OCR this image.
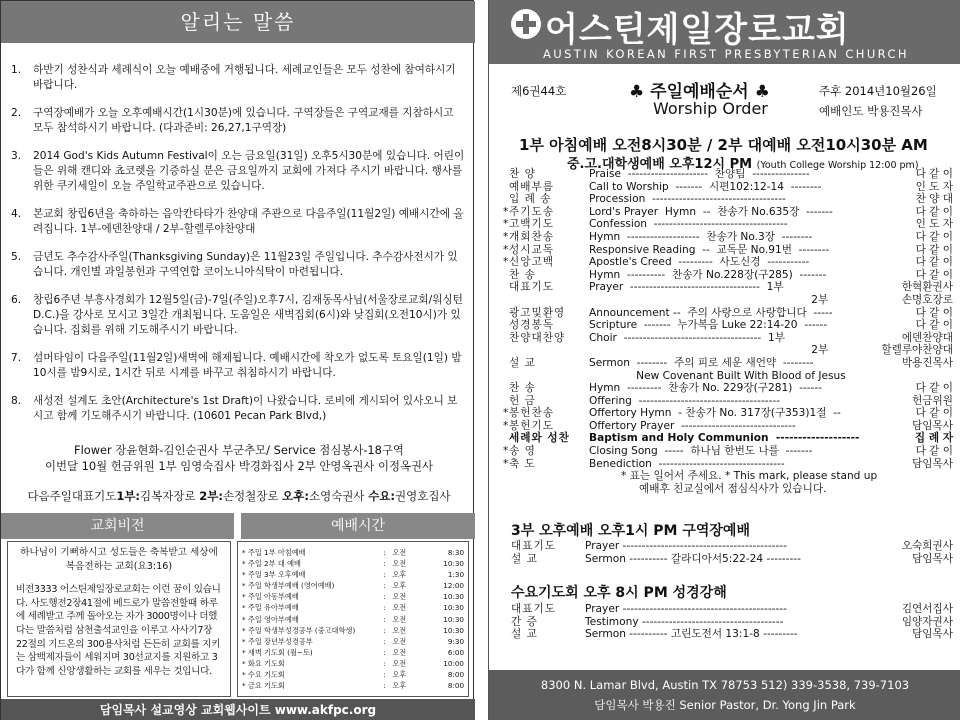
알리는 말씀
1. 하반기 성찬식과 세례식이 오늘 예배중에 거행됩니다. 세례교인들은 모두 성찬에 참여하시기 바랍니다.
2. 구역장예배가 오늘 오후예배시간(1시30분)에 있습니다. 구역장들은 구역교재를 지참하시고 모두 참석하시기 바랍니다. (다과준비: 26,27,1구역장)
3. 2014 God's Kids Autumn Festival이 오는 금요일(31일) 오후5시30분에 있습니다. 어린이들은 위해 캔디와 쵸코렛을 기증하실 분은 금요일까지 교회에 가져다 주시기 바랍니다. 행사를 위한 쿠키세일이 오늘 주일학교주관으로 있습니다.
4. 본교회 창립6년을 축하하는 음악칸타타가 찬양대 주관으로 다음주일(11월2일) 예배시간에 올려집니다. 1부-에덴찬양대 / 2부-할렐루야찬양대
5. 금년도 추수감사주일(Thanksgiving Sunday)은 11월23일 주일입니다. 추수감사전시가 있습니다. 개인별 과일봉헌과 구역연합 코이노니아식탁이 마련됩니다.
6. 창립6주년 부흥사경회가 12월5일(금)-7일(주일)오후7시, 김재동목사님(서울장로교회/워싱턴D.C.)을 강사로 모시고 3일간 개최됩니다. 도움일은 새벽집회(6시)와 낮집회(오전10시)가 있습니다. 집회를 위해 기도해주시기 바랍니다.
7. 섬머타임이 다음주일(11월2일)새벽에 해제됩니다. 예배시간에 착오가 없도록 토요일(1일) 밤10시를 밤9시로, 1시간 뒤로 시계를 바꾸고 취침하시기 바랍니다.
8. 새성전 설계도 초안(Architecture's 1st Draft)이 나왔습니다. 로비에 게시되어 있사오니 보시고 함께 기도해주시기 바랍니다. (10601 Pecan Park Blvd,)
Flower 장윤현화-김인순권사 부군추모/ Service 점심봉사-18구역
이번달 10월 헌금위원 1부 임영숙집사 박경화집사 2부 안영옥권사 이정옥권사
다음주일대표기도1부:김복자장로 2부:손정철장로 오후:소영숙권사 수요:권영호집사
교회비전	예배시간
하나님이 기뻐하시고 성도들은 축복받고 세상에 복음전하는 교회(요3:16)
비전3333 어스틴제일장로교회는 이런 꿈이 있습니다. 사도행전2장41절에 베드로가 말씀전할때 하루에 세례받고 주께 돌아오는 자가 3000명이나 더했다는 말씀처럼 삼천출석교인을 이루고 사사기7장22절의 기드온의 300용사처럼 든든히 교회를 지키는 삼백제자들이 세워지며 30선교지를 지원하고 3다가 함께 신앙생활하는 교회를 세우는 것입니다.
* 주일 1부 아침예배	: 오전	8:30
* 주일 2부 대 예배	: 오전	10:30
* 주일 3부 오후예배	: 오후	1:30
* 주일 학생부예배 (영어예배)	: 오후	12:00
* 주일 아동부예배	: 오전	10:30
* 주일 유아부예배	: 오전	10:30
* 주일 영아부예배	: 오전	10:30
* 주일 학생부성경공부 (중고대학생)	: 오전	10:30
* 주일 장년부성경공부	: 오전	9:30
* 새벽 기도회 (월~토)	: 오전	6:00
* 화요 기도회	: 오전	10:00
* 수요 기도회	: 오후	8:00
* 금요 기도회	: 오후	8:00
담임목사 설교영상 교회웹사이트 www.akfpc.org
어스틴제일장로교회
AUSTIN KOREAN FIRST PRESBYTERIAN CHURCH
제6권44호	♣ 주일예배순서 ♣
Worship Order
주후 2014년10월26일
예배인도 박용진목사
1부 아침예배 오전8시30분 / 2부 대예배 오전10시30분 AM
중.고.대학생예배 오후12시 PM (Youth College Worship 12:00 pm)
찬 양	Praise  ---------------------  찬양팀  ---------------	다 같 이
예배부름	Call to Worship  -------  시편102:12-14  --------	인 도 자
입 례 송	Procession  -----------------------------------	찬 양 대
* 주기도송	Lord's Prayer  Hymn  --  찬송가 No.635장  -------	다 같 이
* 고백기도	Confession  -----------------------------------	인 도 자
* 개회찬송	Hymn  -------------------  찬송가 No.3장  --------	다 같 이
* 성시교독	Responsive Reading  --  교독문 No.91번  --------	다 같 이
* 신앙고백	Apostle's Creed  ---------  사도신경  -----------	다 같 이
찬 송	Hymn  ----------  찬송가 No.228장(구285)  -------	다 같 이
대표기도	Prayer  ----------------------------------  1부	한혁환권사
2부	손명호장로
광고및환영	Announcement --  주의 사랑으로 사랑합니다  -----	다 같 이
성경봉독	Scripture  -------  누가복음 Luke 22:14-20  ------	다 같 이
찬양대찬양	Choir  ------------------------------------  1부	에덴찬양대
2부	할렐루야찬양대
설 교	Sermon  --------  주의 피로 세운 새언약  --------	박용진목사
New Covenant Built With Blood of Jesus
찬 송	Hymn  ---------  찬송가 No. 229장(구281)  ------	다 같 이
헌 금	Offering  -------------------------------------	헌금위원
* 봉헌찬송	Offertory Hymn  - 찬송가 No. 317장(구353)1절  --	다 같 이
* 봉헌기도	Offertory Prayer  ------------------------------	담임목사
세례와 성찬 Baptism and Holy Communion  -------------------	집 례 자
* 송 영	Closing Song  -----  하나님 한번도 나를  -------	다 같 이
* 축 도	Benediction  ---------------------------------	담임목사
* 표는 일어서 주세요. * This mark, please stand up
예배후 친교실에서 점심식사가 있습니다.
3부 오후예배 오후1시 PM 구역장예배
대표기도	Prayer -------------------------------------------	오숙희권사
설 교	Sermon ---------- 갈라디아서5:22-24 ---------	담임목사
수요기도회 오후 8시 PM 성경강해
대표기도	Prayer -------------------------------------------	김연서집사
간 증	Testimony -------------------------------------	임양자권사
설 교	Sermon ---------- 고린도전서 13:1-8 ---------	담임목사
8300 N. Lamar Blvd, Austin TX 78753 512) 339-3538, 739-7103
담임목사 박용진 Senior Pastor, Dr. Yong Jin Park
